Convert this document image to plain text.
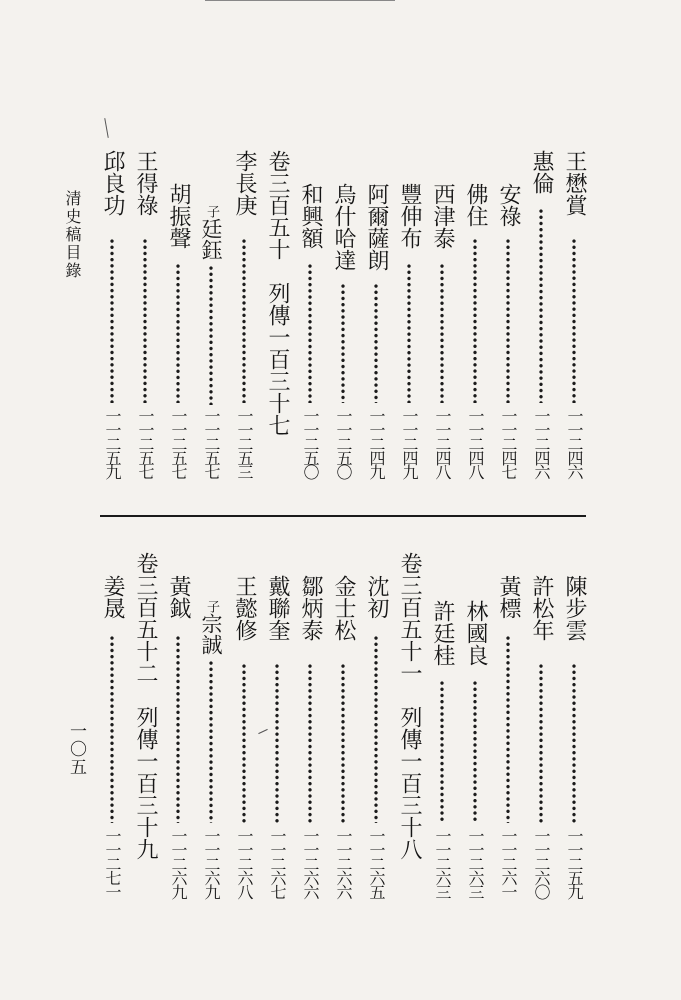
清史稿目錄
王懋賞
一一二四六
惠倫
一一二四六
安祿
一一二四七
佛住
一一二四八
西津泰
一一二四八
豐伸布
一一二四九
阿爾薩朗
一一二四九
烏什哈達
一一二五〇
和興額
一一二五〇
卷三百五十　列傳一百三十七
李長庚
一一二五三
子廷鈺
一一二五七
胡振聲
一一二五七
王得祿
一一二五七
邱良功
一一二五九
陳步雲
一一二五九
許松年
一一二六〇
黃標
一一二六一
林國良
一一二六三
許廷桂
一一二六三
卷三百五十一　列傳一百三十八
沈初
一一二六五
金士松
一一二六六
鄒炳泰
一一二六六
戴聯奎
一一二六七
王懿修
一一二六八
子宗誠
一一二六九
黃鉞
一一二六九
卷三百五十二　列傳一百三十九
姜晟
一一二七一
一〇五
